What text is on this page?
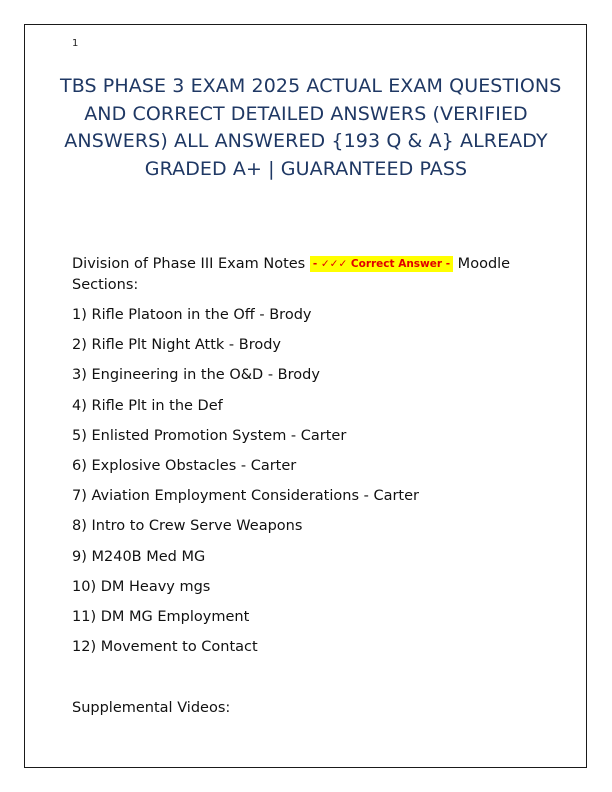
1
TBS PHASE 3 EXAM 2025 ACTUAL EXAM QUESTIONS
AND CORRECT DETAILED ANSWERS (VERIFIED
ANSWERS) ALL ANSWERED {193 Q & A} ALREADY
GRADED A+ | GUARANTEED PASS
Division of Phase III Exam Notes - ✓✓✓ Correct Answer - Moodle Sections:
1) Rifle Platoon in the Off - Brody
2) Rifle Plt Night Attk - Brody
3) Engineering in the O&D - Brody
4) Rifle Plt in the Def
5) Enlisted Promotion System - Carter
6) Explosive Obstacles - Carter
7) Aviation Employment Considerations - Carter
8) Intro to Crew Serve Weapons
9) M240B Med MG
10) DM Heavy mgs
11) DM MG Employment
12) Movement to Contact
Supplemental Videos:
